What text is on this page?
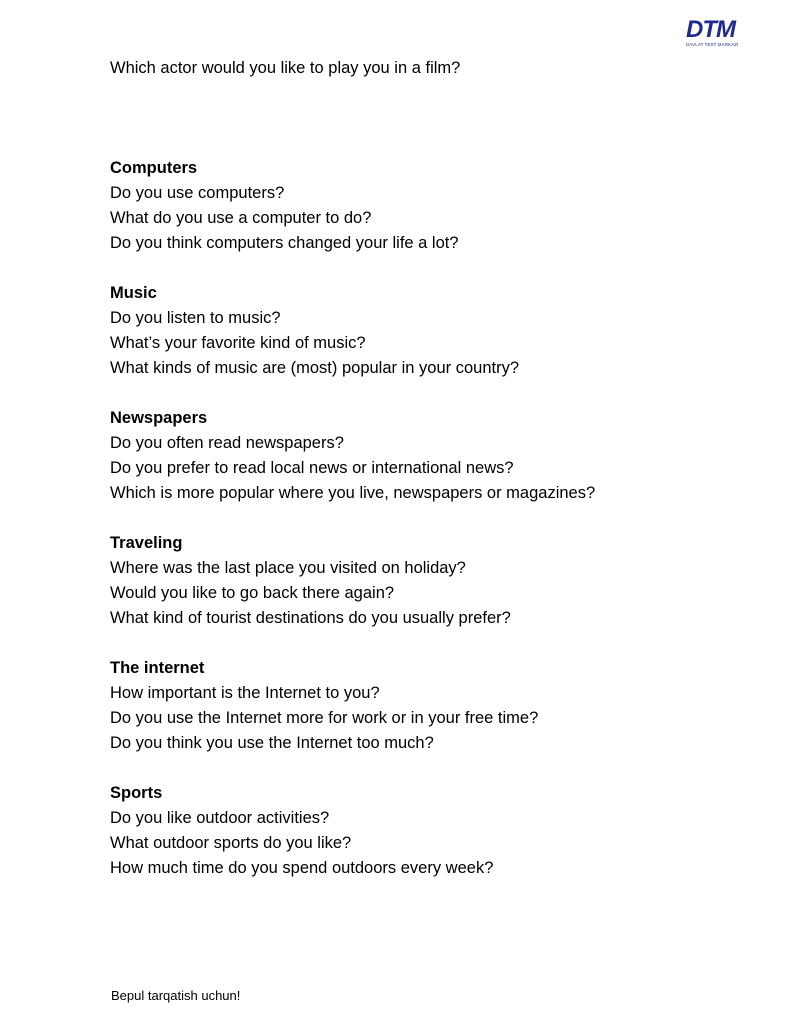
DTM
DAVLAT TEST MARKAZI
Which actor would you like to play you in a film?
Computers
Do you use computers?
What do you use a computer to do?
Do you think computers changed your life a lot?
Music
Do you listen to music?
What’s your favorite kind of music?
What kinds of music are (most) popular in your country?
Newspapers
Do you often read newspapers?
Do you prefer to read local news or international news?
Which is more popular where you live, newspapers or magazines?
Traveling
Where was the last place you visited on holiday?
Would you like to go back there again?
What kind of tourist destinations do you usually prefer?
The internet
How important is the Internet to you?
Do you use the Internet more for work or in your free time?
Do you think you use the Internet too much?
Sports
Do you like outdoor activities?
What outdoor sports do you like?
How much time do you spend outdoors every week?
Bepul tarqatish uchun!
